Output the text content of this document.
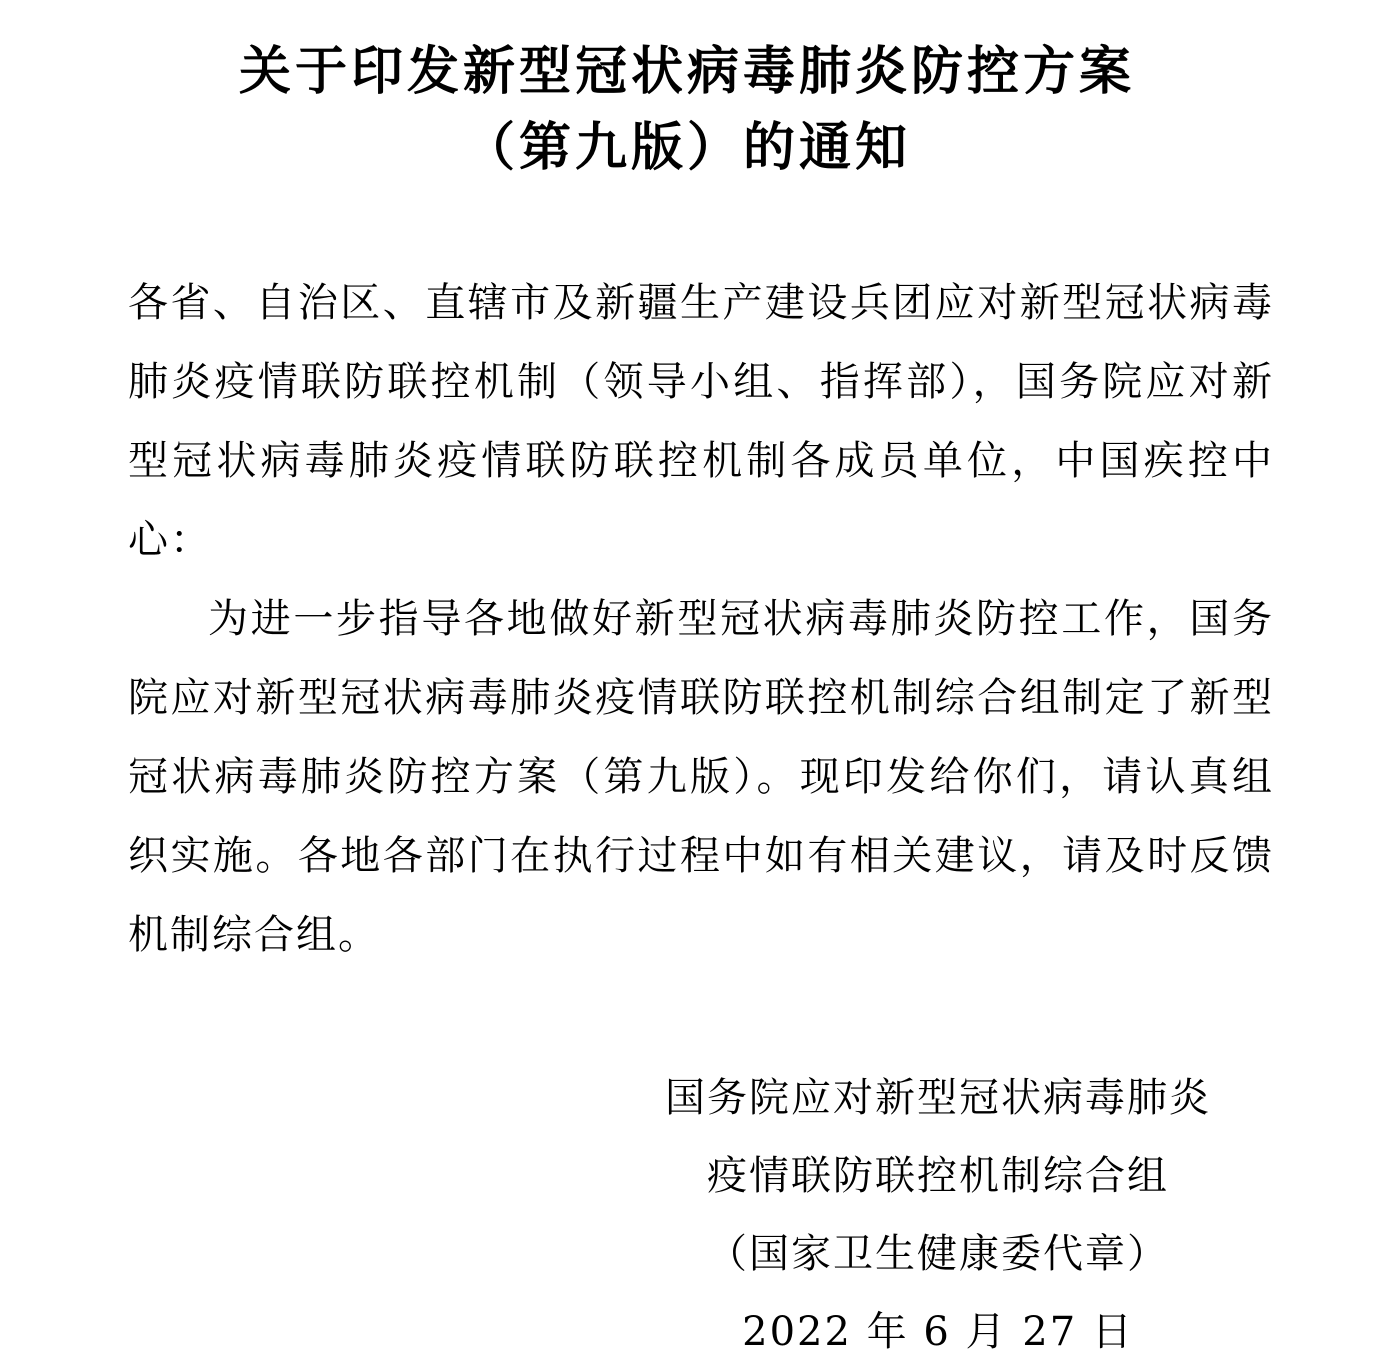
关于印发新型冠状病毒肺炎防控方案
（第九版）的通知

各省、自治区、直辖市及新疆生产建设兵团应对新型冠状病毒肺炎疫情联防联控机制（领导小组、指挥部），国务院应对新型冠状病毒肺炎疫情联防联控机制各成员单位，中国疾控中心：

为进一步指导各地做好新型冠状病毒肺炎防控工作，国务院应对新型冠状病毒肺炎疫情联防联控机制综合组制定了新型冠状病毒肺炎防控方案（第九版）。现印发给你们，请认真组织实施。各地各部门在执行过程中如有相关建议，请及时反馈机制综合组。

国务院应对新型冠状病毒肺炎
疫情联防联控机制综合组
（国家卫生健康委代章）
2022 年 6 月 27 日
